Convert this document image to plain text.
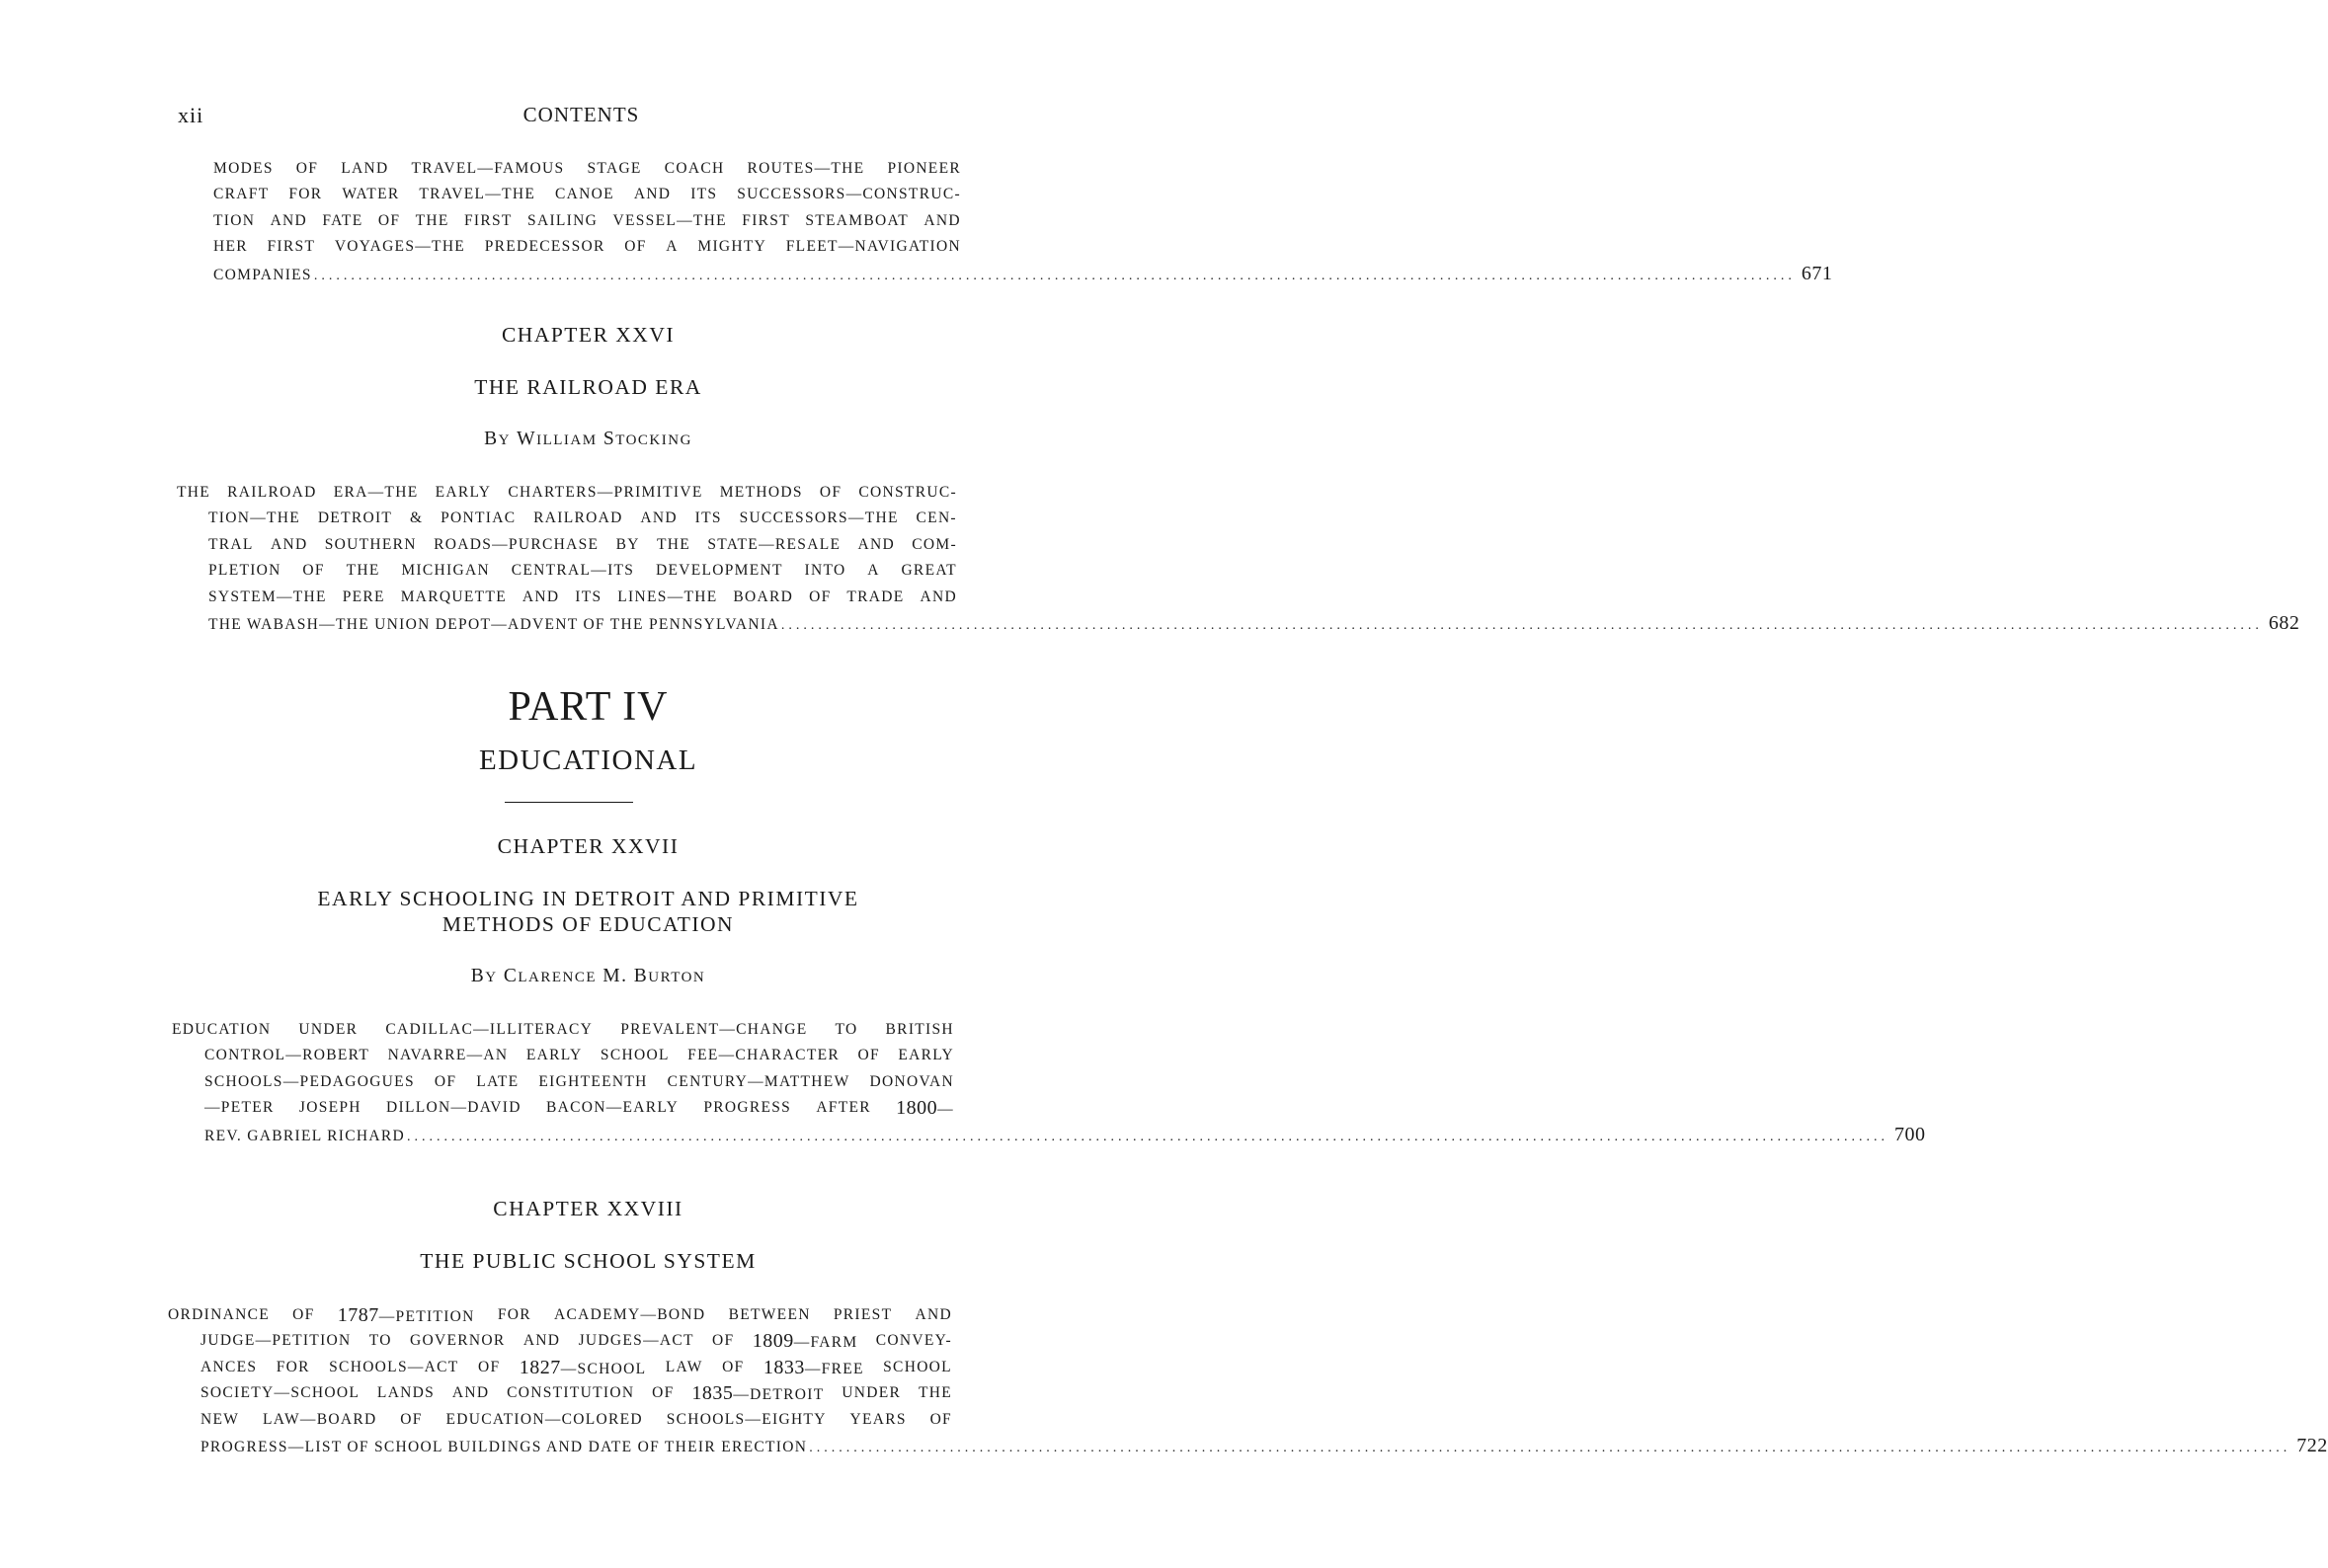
xii	CONTENTS
MODES OF LAND TRAVEL—FAMOUS STAGE COACH ROUTES—THE PIONEER
CRAFT FOR WATER TRAVEL—THE CANOE AND ITS SUCCESSORS—CONSTRUC-
TION AND FATE OF THE FIRST SAILING VESSEL—THE FIRST STEAMBOAT AND
HER FIRST VOYAGES—THE PREDECESSOR OF A MIGHTY FLEET—NAVIGATION
COMPANIES ........................................................................................................................................................................................................ 671
CHAPTER XXVI
THE RAILROAD ERA
BY WILLIAM STOCKING
THE RAILROAD ERA—THE EARLY CHARTERS—PRIMITIVE METHODS OF CONSTRUC-
TION—THE DETROIT & PONTIAC RAILROAD AND ITS SUCCESSORS—THE CEN-
TRAL AND SOUTHERN ROADS—PURCHASE BY THE STATE—RESALE AND COM-
PLETION OF THE MICHIGAN CENTRAL—ITS DEVELOPMENT INTO A GREAT
SYSTEM—THE PERE MARQUETTE AND ITS LINES—THE BOARD OF TRADE AND
THE WABASH—THE UNION DEPOT—ADVENT OF THE PENNSYLVANIA ........................................................................................................................................................................................................ 682
PART IV
EDUCATIONAL
CHAPTER XXVII
EARLY SCHOOLING IN DETROIT AND PRIMITIVE
METHODS OF EDUCATION
BY CLARENCE M. BURTON
EDUCATION UNDER CADILLAC—ILLITERACY PREVALENT—CHANGE TO BRITISH
CONTROL—ROBERT NAVARRE—AN EARLY SCHOOL FEE—CHARACTER OF EARLY
SCHOOLS—PEDAGOGUES OF LATE EIGHTEENTH CENTURY—MATTHEW DONOVAN
—PETER JOSEPH DILLON—DAVID BACON—EARLY PROGRESS AFTER 1800—
REV. GABRIEL RICHARD ........................................................................................................................................................................................................ 700
CHAPTER XXVIII
THE PUBLIC SCHOOL SYSTEM
ORDINANCE OF 1787—PETITION FOR ACADEMY—BOND BETWEEN PRIEST AND
JUDGE—PETITION TO GOVERNOR AND JUDGES—ACT OF 1809—FARM CONVEY-
ANCES FOR SCHOOLS—ACT OF 1827—SCHOOL LAW OF 1833—FREE SCHOOL
SOCIETY—SCHOOL LANDS AND CONSTITUTION OF 1835—DETROIT UNDER THE
NEW LAW—BOARD OF EDUCATION—COLORED SCHOOLS—EIGHTY YEARS OF
PROGRESS—LIST OF SCHOOL BUILDINGS AND DATE OF THEIR ERECTION ........................................................................................................................................................................................................ 722
